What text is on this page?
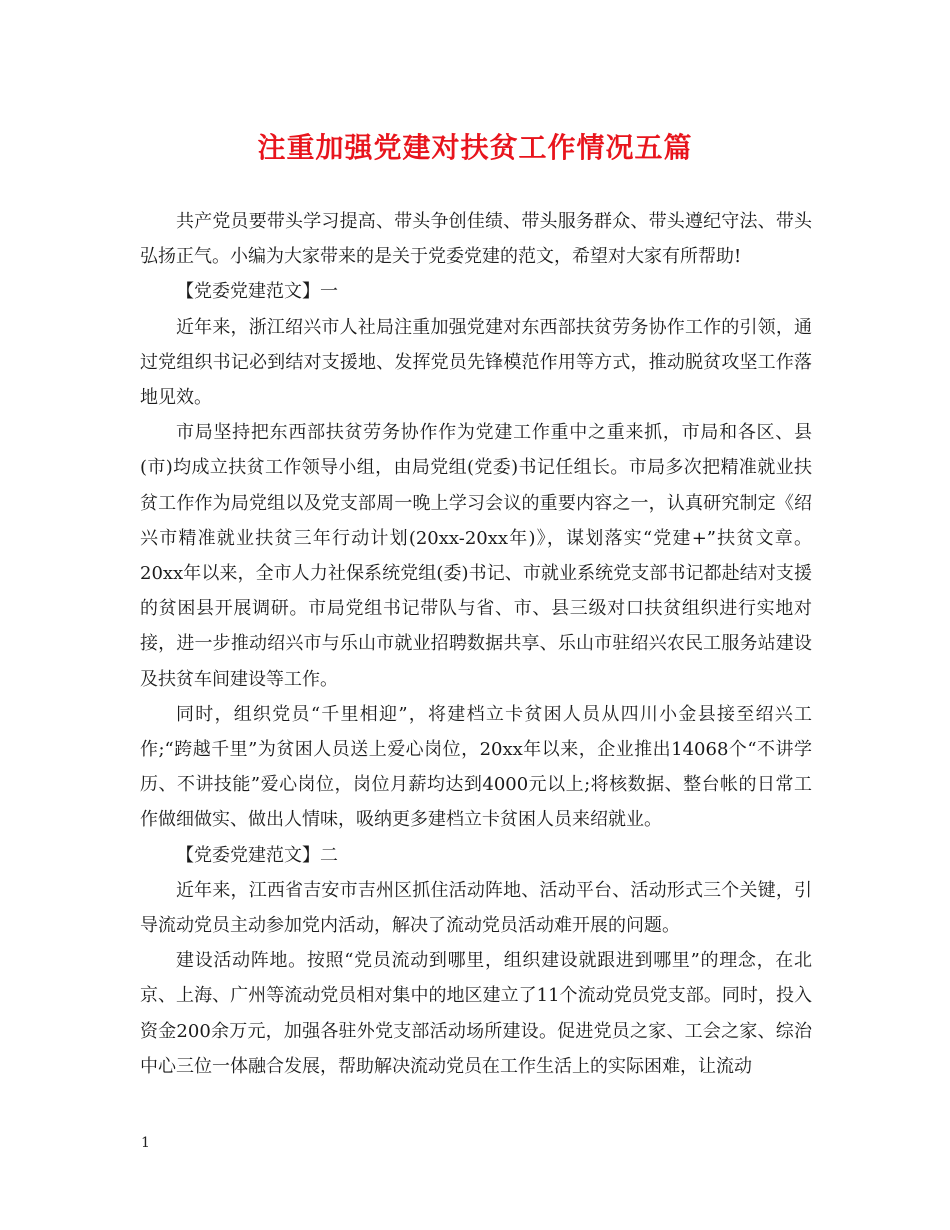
注重加强党建对扶贫工作情况五篇

共产党员要带头学习提高、带头争创佳绩、带头服务群众、带头遵纪守法、带头弘扬正气。小编为大家带来的是关于党委党建的范文，希望对大家有所帮助!

【党委党建范文】一

近年来，浙江绍兴市人社局注重加强党建对东西部扶贫劳务协作工作的引领，通过党组织书记必到结对支援地、发挥党员先锋模范作用等方式，推动脱贫攻坚工作落地见效。

市局坚持把东西部扶贫劳务协作作为党建工作重中之重来抓，市局和各区、县(市)均成立扶贫工作领导小组，由局党组(党委)书记任组长。市局多次把精准就业扶贫工作作为局党组以及党支部周一晚上学习会议的重要内容之一，认真研究制定《绍兴市精准就业扶贫三年行动计划(20xx-20xx年)》，谋划落实“党建+”扶贫文章。20xx年以来，全市人力社保系统党组(委)书记、市就业系统党支部书记都赴结对支援的贫困县开展调研。市局党组书记带队与省、市、县三级对口扶贫组织进行实地对接，进一步推动绍兴市与乐山市就业招聘数据共享、乐山市驻绍兴农民工服务站建设及扶贫车间建设等工作。

同时，组织党员“千里相迎”，将建档立卡贫困人员从四川小金县接至绍兴工作;“跨越千里”为贫困人员送上爱心岗位，20xx年以来，企业推出14068个“不讲学历、不讲技能”爱心岗位，岗位月薪均达到4000元以上;将核数据、整台帐的日常工作做细做实、做出人情味，吸纳更多建档立卡贫困人员来绍就业。

【党委党建范文】二

近年来，江西省吉安市吉州区抓住活动阵地、活动平台、活动形式三个关键，引导流动党员主动参加党内活动，解决了流动党员活动难开展的问题。

建设活动阵地。按照“党员流动到哪里，组织建设就跟进到哪里”的理念，在北京、上海、广州等流动党员相对集中的地区建立了11个流动党员党支部。同时，投入资金200余万元，加强各驻外党支部活动场所建设。促进党员之家、工会之家、综治中心三位一体融合发展，帮助解决流动党员在工作生活上的实际困难，让流动

1
